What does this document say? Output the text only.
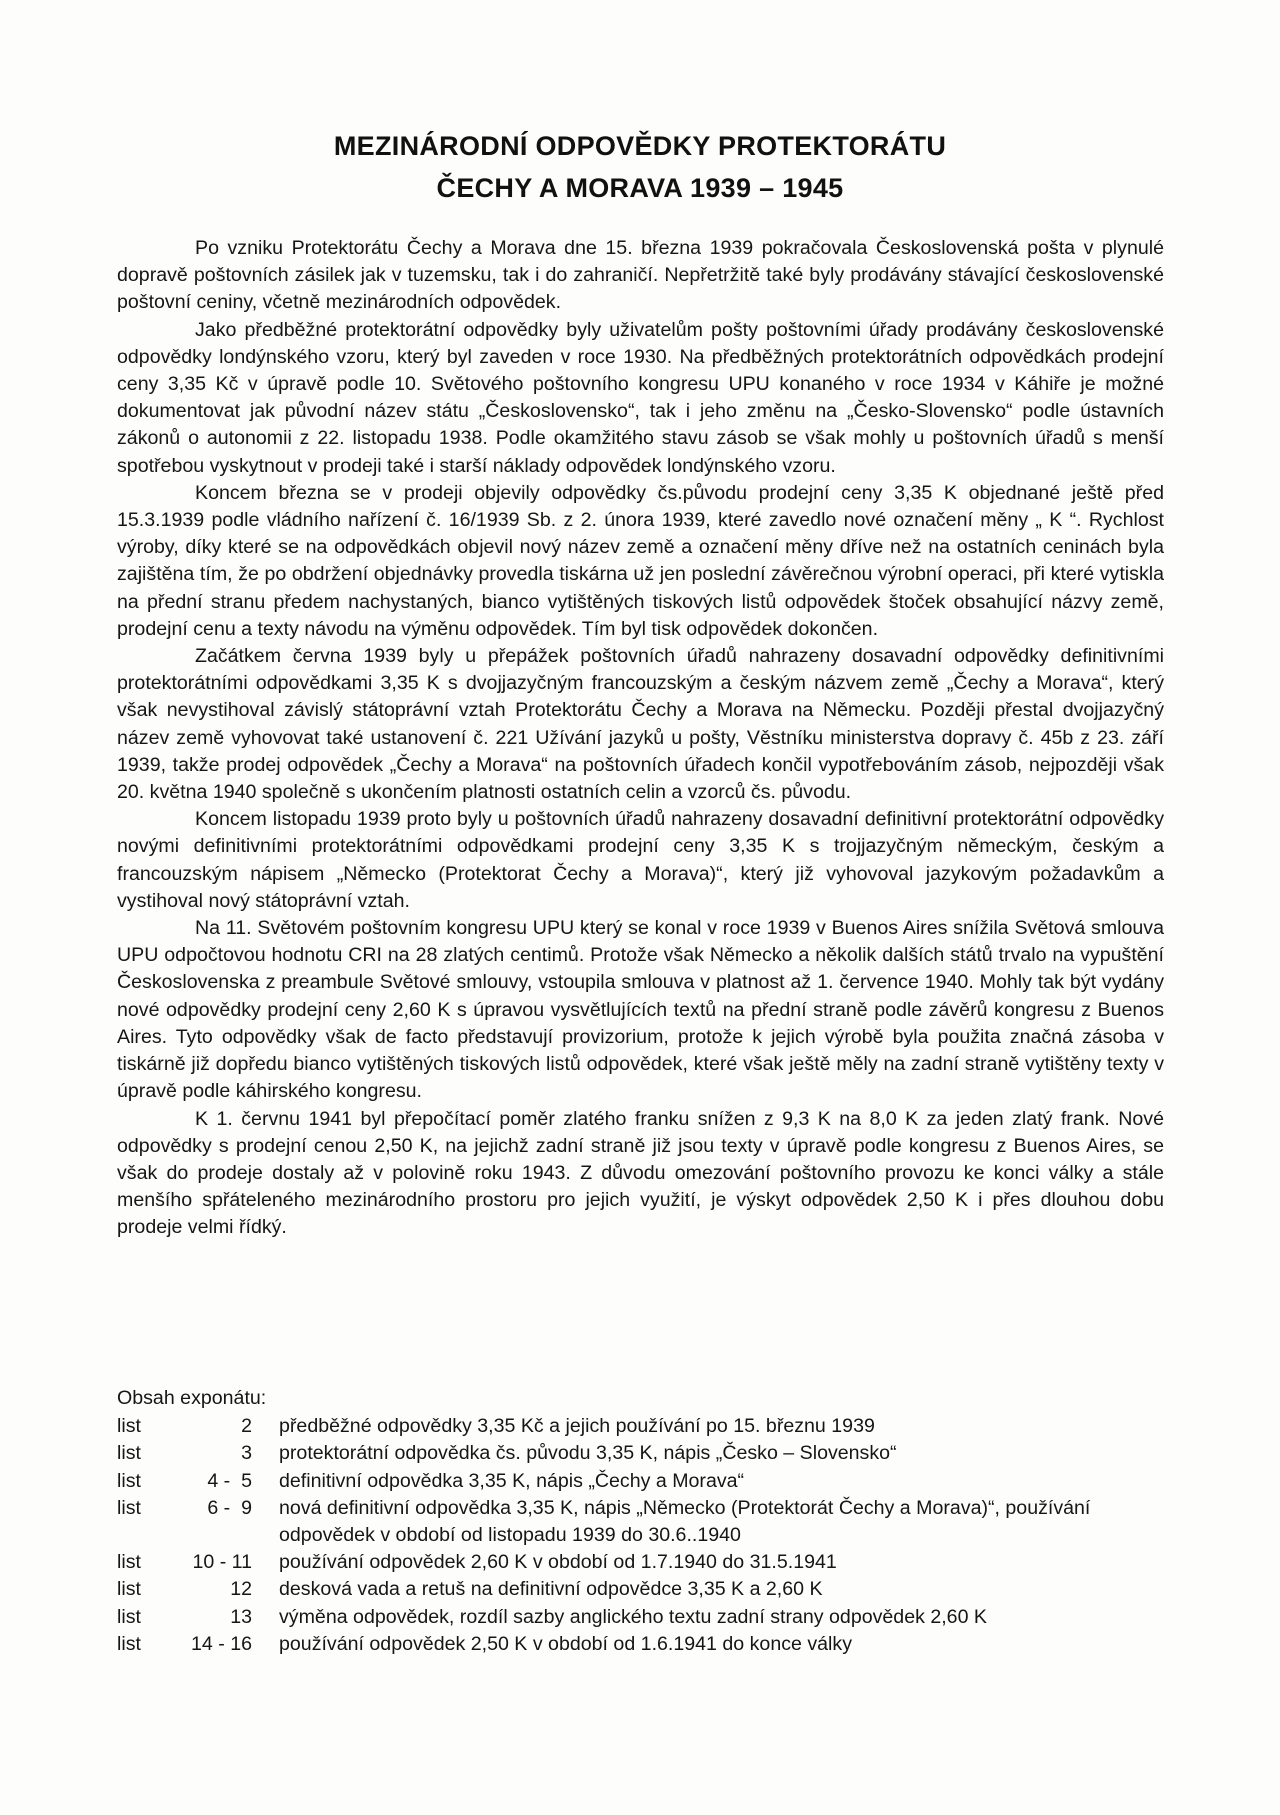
MEZINÁRODNÍ ODPOVĚDKY PROTEKTORÁTU
ČECHY A MORAVA 1939 – 1945

Po vzniku Protektorátu Čechy a Morava dne 15. března 1939 pokračovala Československá pošta v plynulé dopravě poštovních zásilek jak v tuzemsku, tak i do zahraničí. Nepřetržitě také byly prodávány stávající československé poštovní ceniny, včetně mezinárodních odpovědek.

Jako předběžné protektorátní odpovědky byly uživatelům pošty poštovními úřady prodávány československé odpovědky londýnského vzoru, který byl zaveden v roce 1930. Na předběžných protektorátních odpovědkách prodejní ceny 3,35 Kč v úpravě podle 10. Světového poštovního kongresu UPU konaného v roce 1934 v Káhiře je možné dokumentovat jak původní název státu „Československo“, tak i jeho změnu na „Česko-Slovensko“ podle ústavních zákonů o autonomii z 22. listopadu 1938. Podle okamžitého stavu zásob se však mohly u poštovních úřadů s menší spotřebou vyskytnout v prodeji také i starší náklady odpovědek londýnského vzoru.

Koncem března se v prodeji objevily odpovědky čs.původu prodejní ceny 3,35 K objednané ještě před 15.3.1939 podle vládního nařízení č. 16/1939 Sb. z 2. února 1939, které zavedlo nové označení měny „ K “. Rychlost výroby, díky které se na odpovědkách objevil nový název země a označení měny dříve než na ostatních ceninách byla zajištěna tím, že po obdržení objednávky provedla tiskárna už jen poslední závěrečnou výrobní operaci, při které vytiskla na přední stranu předem nachystaných, bianco vytištěných tiskových listů odpovědek štoček obsahující názvy země, prodejní cenu a texty návodu na výměnu odpovědek. Tím byl tisk odpovědek dokončen.

Začátkem června 1939 byly u přepážek poštovních úřadů nahrazeny dosavadní odpovědky definitivními protektorátními odpovědkami 3,35 K s dvojjazyčným francouzským a českým názvem země „Čechy a Morava“, který však nevystihoval závislý státoprávní vztah Protektorátu Čechy a Morava na Německu. Později přestal dvojjazyčný název země vyhovovat také ustanovení č. 221 Užívání jazyků u pošty, Věstníku ministerstva dopravy č. 45b z 23. září 1939, takže prodej odpovědek „Čechy a Morava“ na poštovních úřadech končil vypotřebováním zásob, nejpozději však 20. května 1940 společně s ukončením platnosti ostatních celin a vzorců čs. původu.

Koncem listopadu 1939 proto byly u poštovních úřadů nahrazeny dosavadní definitivní protektorátní odpovědky novými definitivními protektorátními odpovědkami prodejní ceny 3,35 K s trojjazyčným německým, českým a francouzským nápisem „Německo (Protektorat Čechy a Morava)“, který již vyhovoval jazykovým požadavkům a vystihoval nový státoprávní vztah.

Na 11. Světovém poštovním kongresu UPU který se konal v roce 1939 v Buenos Aires snížila Světová smlouva UPU odpočtovou hodnotu CRI na 28 zlatých centimů. Protože však Německo a několik dalších států trvalo na vypuštění Československa z preambule Světové smlouvy, vstoupila smlouva v platnost až 1. července 1940. Mohly tak být vydány nové odpovědky prodejní ceny 2,60 K s úpravou vysvětlujících textů na přední straně podle závěrů kongresu z Buenos Aires. Tyto odpovědky však de facto představují provizorium, protože k jejich výrobě byla použita značná zásoba v tiskárně již dopředu bianco vytištěných tiskových listů odpovědek, které však ještě měly na zadní straně vytištěny texty v úpravě podle káhirského kongresu.

K 1. červnu 1941 byl přepočítací poměr zlatého franku snížen z 9,3 K na 8,0 K za jeden zlatý frank. Nové odpovědky s prodejní cenou 2,50 K, na jejichž zadní straně již jsou texty v úpravě podle kongresu z Buenos Aires, se však do prodeje dostaly až v polovině roku 1943. Z důvodu omezování poštovního provozu ke konci války a stále menšího spřáteleného mezinárodního prostoru pro jejich využití, je výskyt odpovědek 2,50 K i přes dlouhou dobu prodeje velmi řídký.

Obsah exponátu:
list	2	předběžné odpovědky 3,35 Kč a jejich používání po 15. březnu 1939
list	3	protektorátní odpovědka čs. původu 3,35 K, nápis „Česko – Slovensko“
list	4 -  5	definitivní odpovědka 3,35 K, nápis „Čechy a Morava“
list	6 -  9	nová definitivní odpovědka 3,35 K, nápis „Německo (Protektorát Čechy a Morava)“, používání odpovědek v období od listopadu 1939 do 30.6..1940
list	10 - 11	používání odpovědek 2,60 K v období od 1.7.1940 do 31.5.1941
list	12	desková vada a retuš na definitivní odpovědce 3,35 K a 2,60 K
list	13	výměna odpovědek, rozdíl sazby anglického textu zadní strany odpovědek 2,60 K
list	14 - 16	používání odpovědek 2,50 K v období od 1.6.1941 do konce války
